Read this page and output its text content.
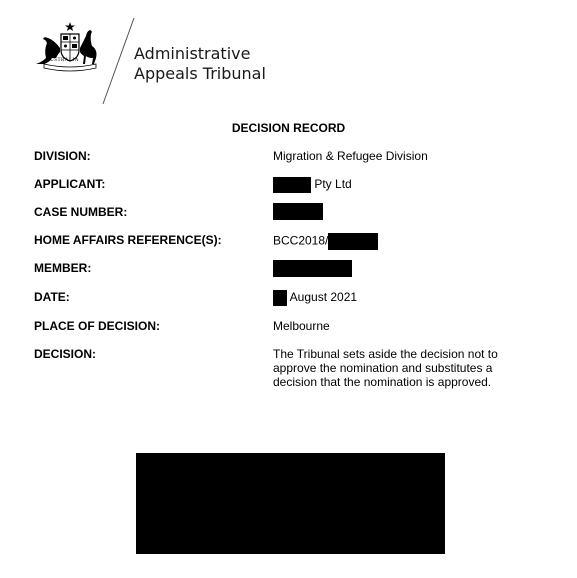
AUSTRALIA	Administrative
Appeals Tribunal
DECISION RECORD
DIVISION:	Migration & Refugee Division
APPLICANT:	Pty Ltd
CASE NUMBER:
HOME AFFAIRS REFERENCE(S):	BCC2018/
MEMBER:
DATE:	August 2021
PLACE OF DECISION:	Melbourne
DECISION:	The Tribunal sets aside the decision not to approve the nomination and substitutes a decision that the nomination is approved.
